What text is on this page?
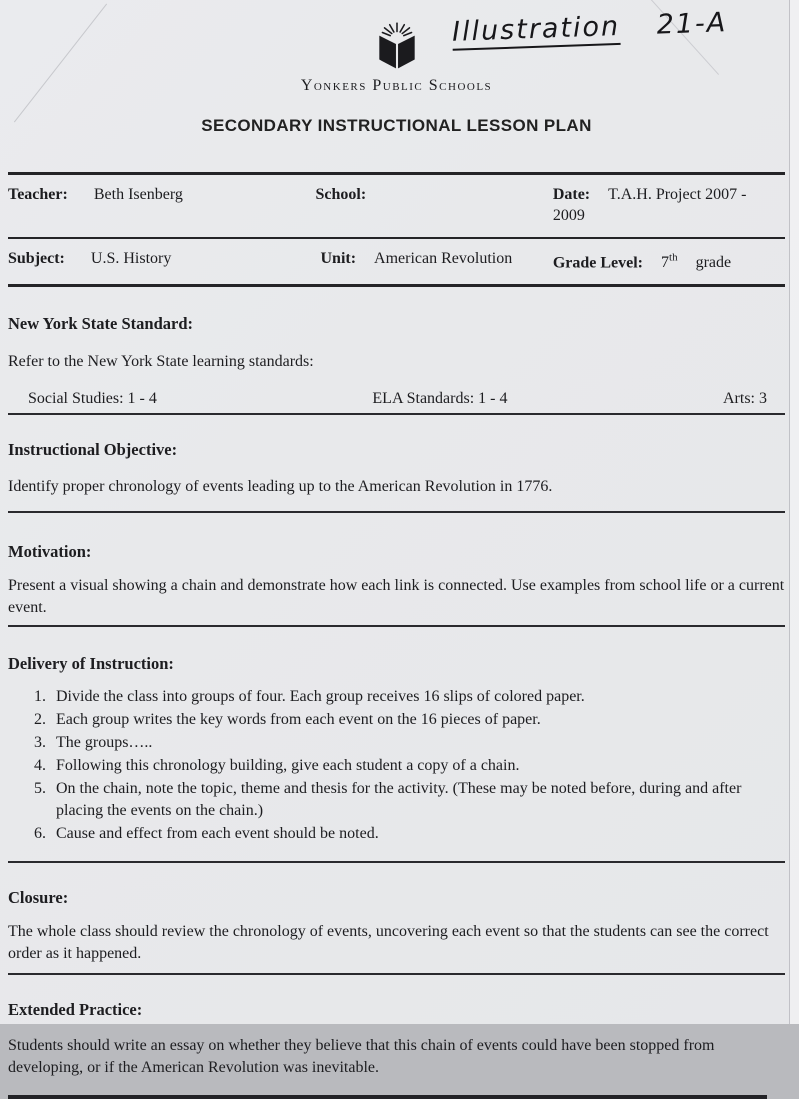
Illustration 21-A
Yonkers Public Schools
SECONDARY INSTRUCTIONAL LESSON PLAN
Teacher: Beth Isenberg	School:	Date: T.A.H. Project 2007 - 2009
Subject: U.S. History	Unit: American Revolution	Grade Level: 7th grade
New York State Standard:
Refer to the New York State learning standards:
Social Studies: 1 - 4	ELA Standards: 1 - 4	Arts: 3
Instructional Objective:
Identify proper chronology of events leading up to the American Revolution in 1776.
Motivation:
Present a visual showing a chain and demonstrate how each link is connected. Use examples from school life or a current event.
Delivery of Instruction:
1. Divide the class into groups of four. Each group receives 16 slips of colored paper.
2. Each group writes the key words from each event on the 16 pieces of paper.
3. The groups…..
4. Following this chronology building, give each student a copy of a chain.
5. On the chain, note the topic, theme and thesis for the activity. (These may be noted before, during and after placing the events on the chain.)
6. Cause and effect from each event should be noted.
Closure:
The whole class should review the chronology of events, uncovering each event so that the students can see the correct order as it happened.
Extended Practice:
Students should write an essay on whether they believe that this chain of events could have been stopped from developing, or if the American Revolution was inevitable.
